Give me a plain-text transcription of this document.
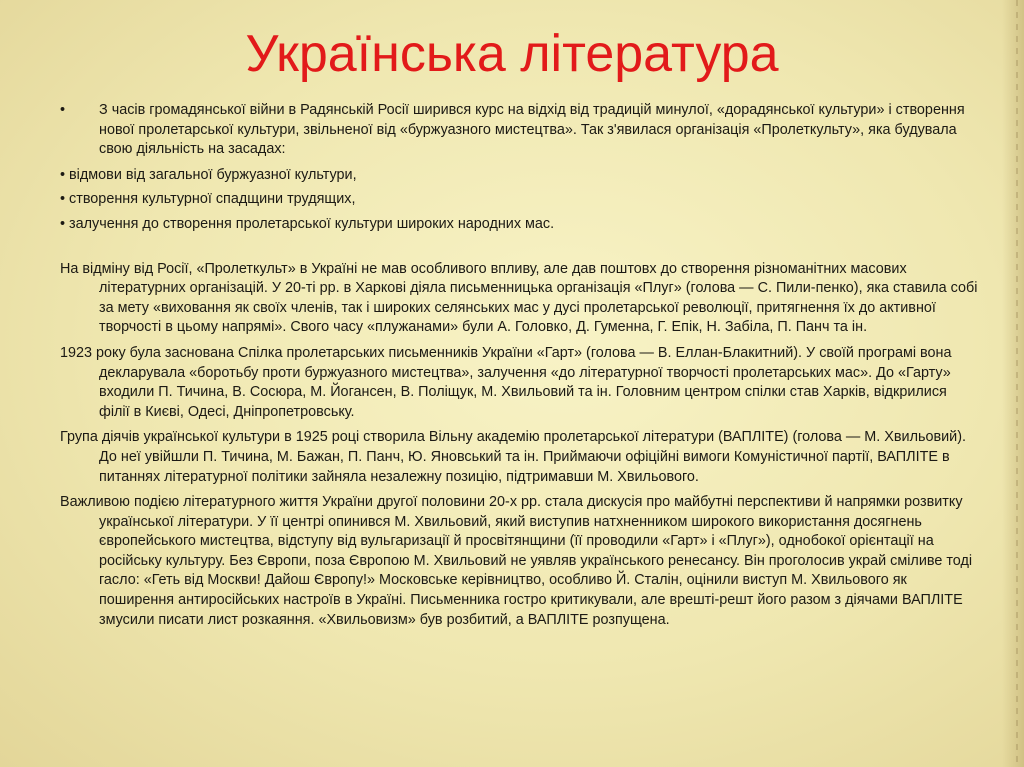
Українська література

• З часів громадянської війни в Радянській Росії ширився курс на відхід від традицій минулої, «дорадянської культури» і створення нової пролетарської культури, звільненої від «буржуазного мистецтва». Так з'явилася організація «Пролеткульту», яка будувала свою діяльність на засадах:

• відмови від загальної буржуазної культури,

• створення культурної спадщини трудящих,

• залучення до створення пролетарської культури широких народних мас.

На відміну від Росії, «Пролеткульт» в Україні не мав особливого впливу, але дав поштовх до створення різноманітних масових літературних організацій. У 20-ті рр. в Харкові діяла письменницька організація «Плуг» (голова — С. Пили-пенко), яка ставила собі за мету «виховання як своїх членів, так і широких селянських мас у дусі пролетарської революції, притягнення їх до активної творчості в цьому напрямі». Свого часу «плужанами» були А. Головко, Д. Гуменна, Г. Епік, Н. Забіла, П. Панч та ін.

1923 року була заснована Спілка пролетарських письменників України «Гарт» (голова — В. Еллан-Блакитний). У своїй програмі вона декларувала «боротьбу проти буржуазного мистецтва», залучення «до літературної творчості пролетарських мас». До «Гарту» входили П. Тичина, В. Сосюра, М. Йогансен, В. Поліщук, М. Хвильовий та ін. Головним центром спілки став Харків, відкрилися філії в Києві, Одесі, Дніпропетровську.

Група діячів української культури в 1925 році створила Вільну академію пролетарської літератури (ВАПЛІТЕ) (голова — М. Хвильовий). До неї увійшли П. Тичина, М. Бажан, П. Панч, Ю. Яновський та ін. Приймаючи офіційні вимоги Комуністичної партії, ВАПЛІТЕ в питаннях літературної політики зайняла незалежну позицію, підтримавши М. Хвильового.

Важливою подією літературного життя України другої половини 20-х рр. стала дискусія про майбутні перспективи й напрямки розвитку української літератури. У її центрі опинився М. Хвильовий, який виступив натхненником широкого використання досягнень європейського мистецтва, відступу від вульгаризації й просвітянщини (її проводили «Гарт» і «Плуг»), однобокої орієнтації на російську культуру. Без Європи, поза Європою М. Хвильовий не уявляв українського ренесансу. Він проголосив украй сміливе тоді гасло: «Геть від Москви! Дайош Європу!» Московське керівництво, особливо Й. Сталін, оцінили виступ М. Хвильового як поширення антиросійських настроїв в Україні. Письменника гостро критикували, але врешті-решт його разом з діячами ВАПЛІТЕ змусили писати лист розкаяння. «Хвильовизм» був розбитий, а ВАПЛІТЕ розпущена.
